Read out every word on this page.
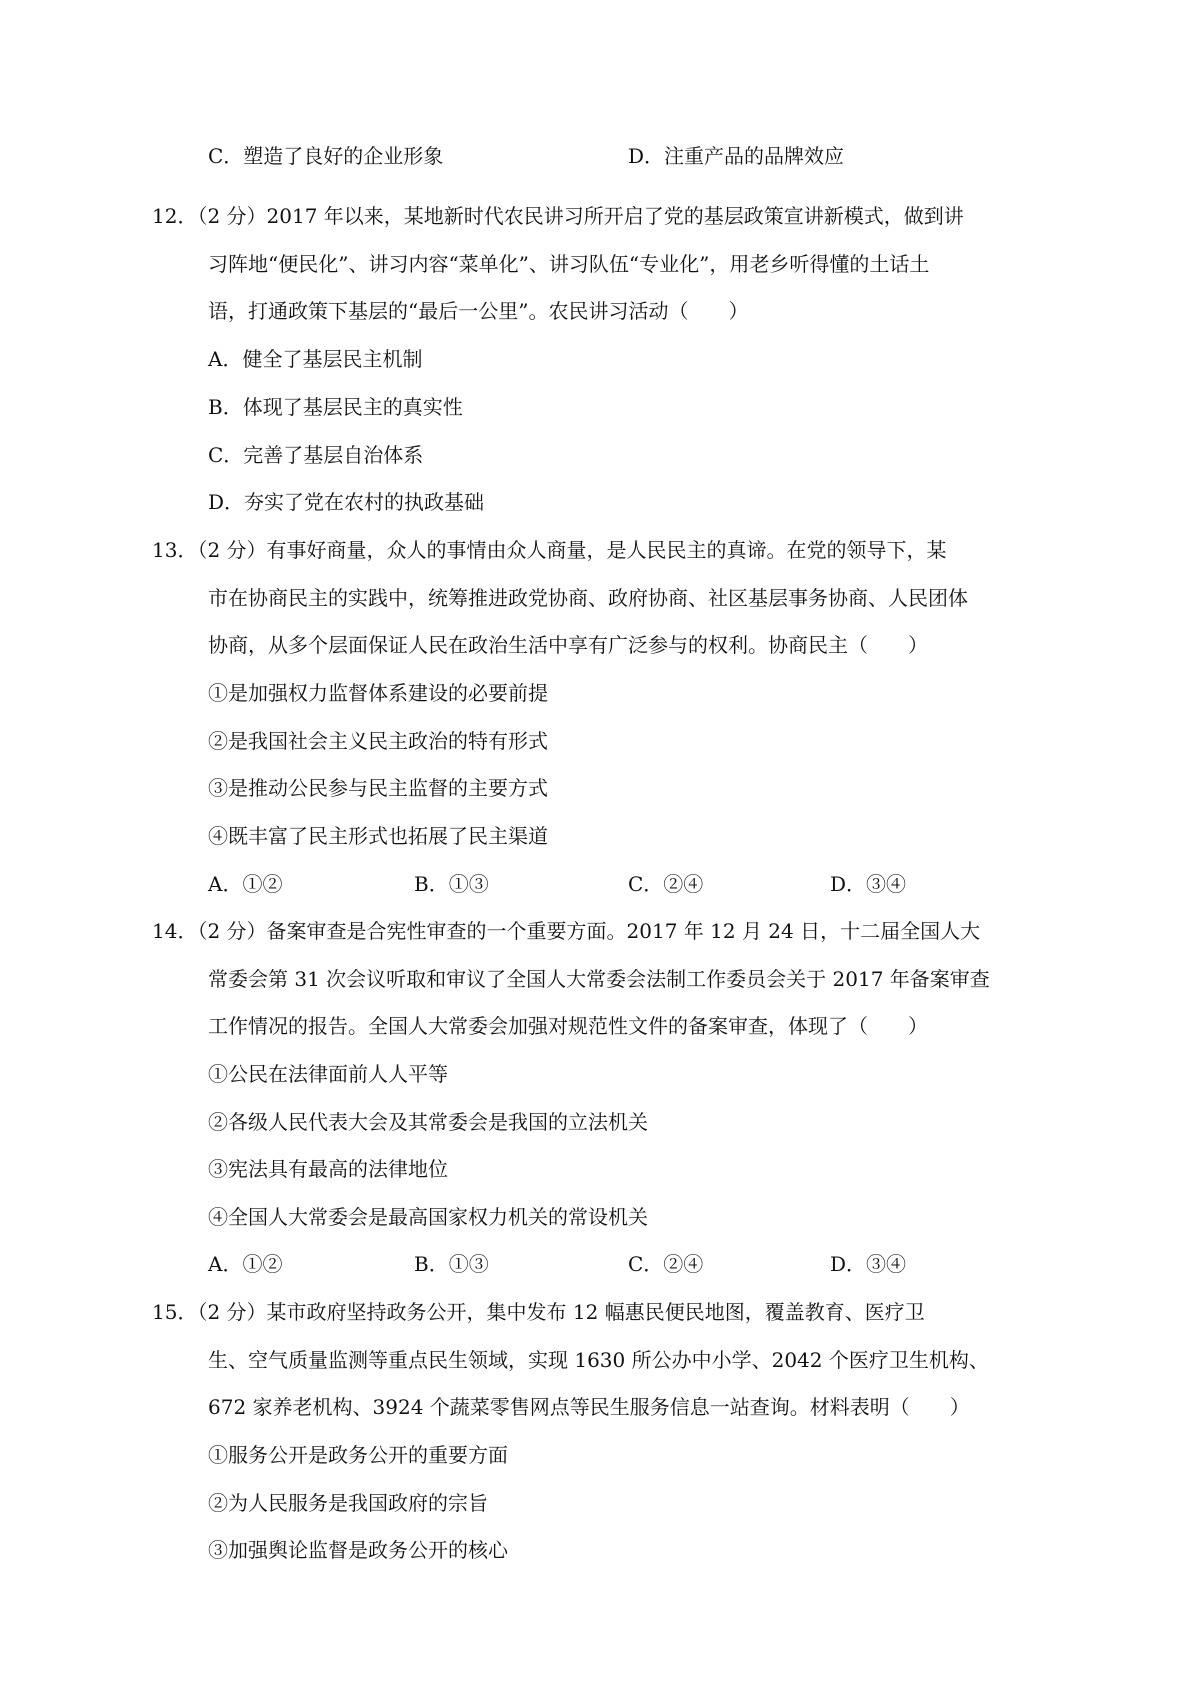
C．塑造了良好的企业形象	D．注重产品的品牌效应
12．（2 分）2017 年以来，某地新时代农民讲习所开启了党的基层政策宣讲新模式，做到讲
习阵地“便民化”、讲习内容“菜单化”、讲习队伍“专业化”，用老乡听得懂的土话土
语，打通政策下基层的“最后一公里”。农民讲习活动（　　）
A．健全了基层民主机制
B．体现了基层民主的真实性
C．完善了基层自治体系
D．夯实了党在农村的执政基础
13．（2 分）有事好商量，众人的事情由众人商量，是人民民主的真谛。在党的领导下，某
市在协商民主的实践中，统筹推进政党协商、政府协商、社区基层事务协商、人民团体
协商，从多个层面保证人民在政治生活中享有广泛参与的权利。协商民主（　　）
①是加强权力监督体系建设的必要前提
②是我国社会主义民主政治的特有形式
③是推动公民参与民主监督的主要方式
④既丰富了民主形式也拓展了民主渠道
A．①②	B．①③	C．②④	D．③④
14．（2 分）备案审查是合宪性审查的一个重要方面。2017 年 12 月 24 日，十二届全国人大
常委会第 31 次会议听取和审议了全国人大常委会法制工作委员会关于 2017 年备案审查
工作情况的报告。全国人大常委会加强对规范性文件的备案审查，体现了（　　）
①公民在法律面前人人平等
②各级人民代表大会及其常委会是我国的立法机关
③宪法具有最高的法律地位
④全国人大常委会是最高国家权力机关的常设机关
A．①②	B．①③	C．②④	D．③④
15．（2 分）某市政府坚持政务公开，集中发布 12 幅惠民便民地图，覆盖教育、医疗卫
生、空气质量监测等重点民生领域，实现 1630 所公办中小学、2042 个医疗卫生机构、
672 家养老机构、3924 个蔬菜零售网点等民生服务信息一站查询。材料表明（　　）
①服务公开是政务公开的重要方面
②为人民服务是我国政府的宗旨
③加强舆论监督是政务公开的核心
